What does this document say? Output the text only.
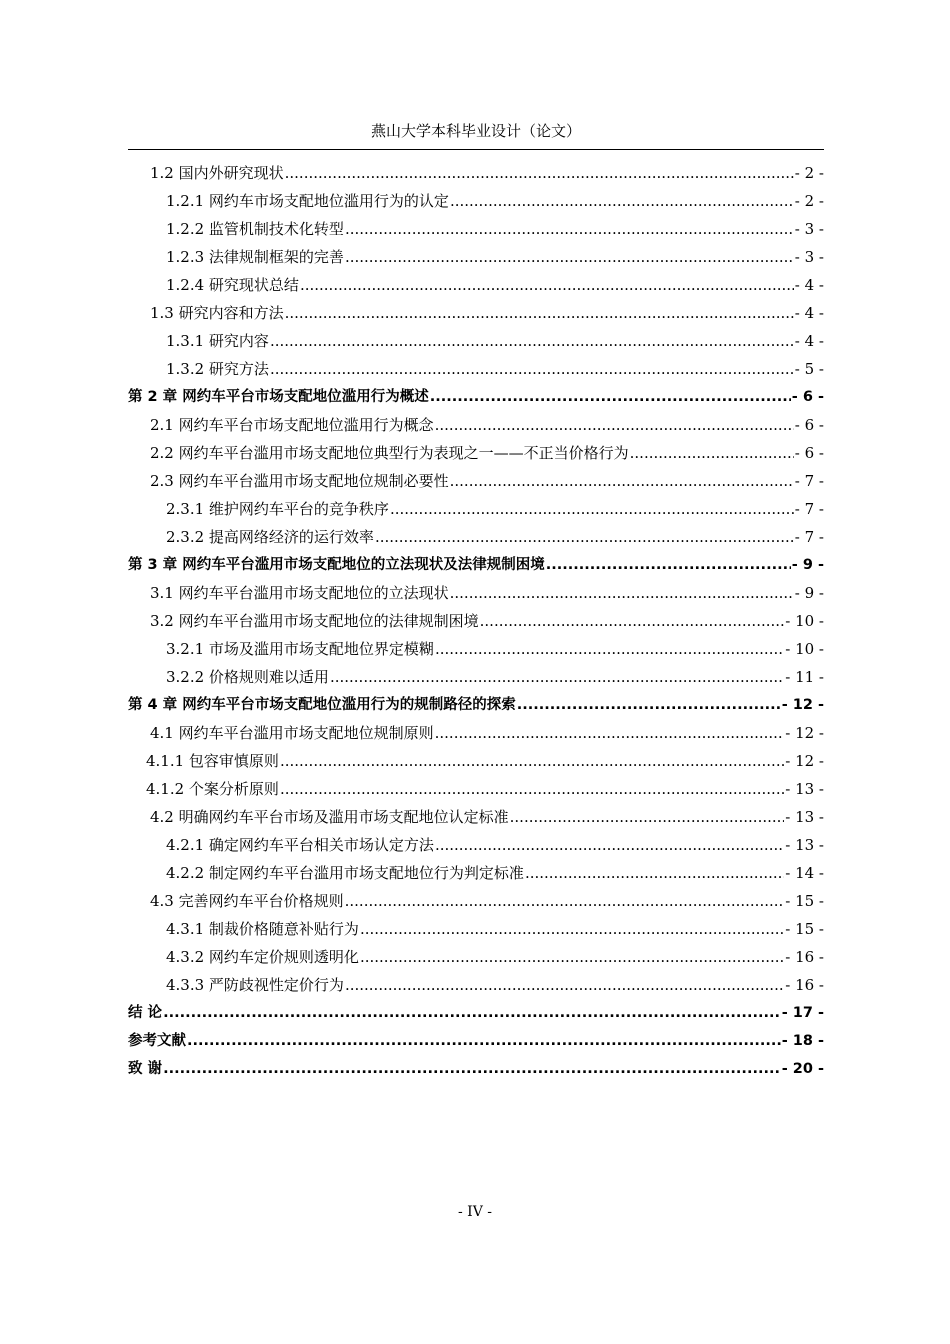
燕山大学本科毕业设计（论文）
1.2 国内外研究现状 .....	- 2 -
1.2.1 网约车市场支配地位滥用行为的认定 .....	- 2 -
1.2.2 监管机制技术化转型 .....	- 3 -
1.2.3 法律规制框架的完善 .....	- 3 -
1.2.4 研究现状总结 .....	- 4 -
1.3 研究内容和方法 .....	- 4 -
1.3.1 研究内容 .....	- 4 -
1.3.2 研究方法 .....	- 5 -
第 2 章 网约车平台市场支配地位滥用行为概述 .....	- 6 -
2.1 网约车平台市场支配地位滥用行为概念 .....	- 6 -
2.2 网约车平台滥用市场支配地位典型行为表现之一——不正当价格行为 .....	- 6 -
2.3 网约车平台滥用市场支配地位规制必要性 .....	- 7 -
2.3.1 维护网约车平台的竞争秩序 .....	- 7 -
2.3.2 提高网络经济的运行效率 .....	- 7 -
第 3 章 网约车平台滥用市场支配地位的立法现状及法律规制困境 .....	- 9 -
3.1 网约车平台滥用市场支配地位的立法现状 .....	- 9 -
3.2 网约车平台滥用市场支配地位的法律规制困境 .....	- 10 -
3.2.1 市场及滥用市场支配地位界定模糊 .....	- 10 -
3.2.2 价格规则难以适用 .....	- 11 -
第 4 章 网约车平台市场支配地位滥用行为的规制路径的探索 .....	- 12 -
4.1 网约车平台滥用市场支配地位规制原则 .....	- 12 -
4.1.1 包容审慎原则 .....	- 12 -
4.1.2 个案分析原则 .....	- 13 -
4.2 明确网约车平台市场及滥用市场支配地位认定标准 .....	- 13 -
4.2.1 确定网约车平台相关市场认定方法 .....	- 13 -
4.2.2 制定网约车平台滥用市场支配地位行为判定标准 .....	- 14 -
4.3 完善网约车平台价格规则 .....	- 15 -
4.3.1 制裁价格随意补贴行为 .....	- 15 -
4.3.2 网约车定价规则透明化 .....	- 16 -
4.3.3 严防歧视性定价行为 .....	- 16 -
结 论 .....	- 17 -
参考文献 .....	- 18 -
致 谢 .....	- 20 -
- IV -
